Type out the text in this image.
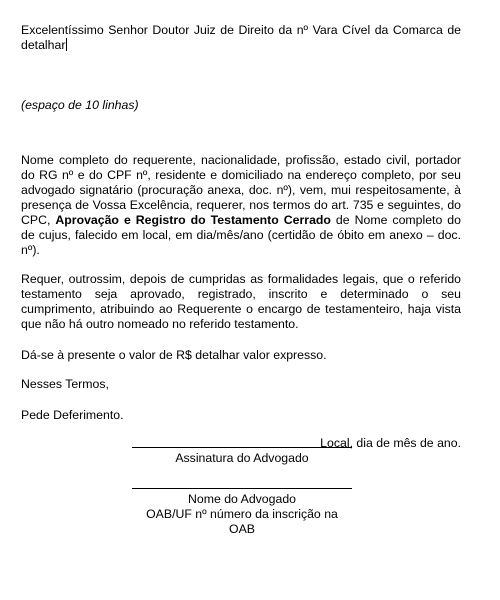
Excelentíssimo Senhor Doutor Juiz de Direito da nº Vara Cível da Comarca de detalhar

(espaço de 10 linhas)

Nome completo do requerente, nacionalidade, profissão, estado civil, portador do RG nº e do CPF nº, residente e domiciliado na endereço completo, por seu advogado signatário (procuração anexa, doc. nº), vem, mui respeitosamente, à presença de Vossa Excelência, requerer, nos termos do art. 735 e seguintes, do CPC, Aprovação e Registro do Testamento Cerrado de Nome completo do de cujus, falecido em local, em dia/mês/ano (certidão de óbito em anexo – doc. nº).

Requer, outrossim, depois de cumpridas as formalidades legais, que o referido testamento seja aprovado, registrado, inscrito e determinado o seu cumprimento, atribuindo ao Requerente o encargo de testamenteiro, haja vista que não há outro nomeado no referido testamento.

Dá-se à presente o valor de R$ detalhar valor expresso.

Nesses Termos,

Pede Deferimento.

Local, dia de mês de ano.

Assinatura do Advogado
Nome do Advogado
OAB/UF nº número da inscrição na OAB
